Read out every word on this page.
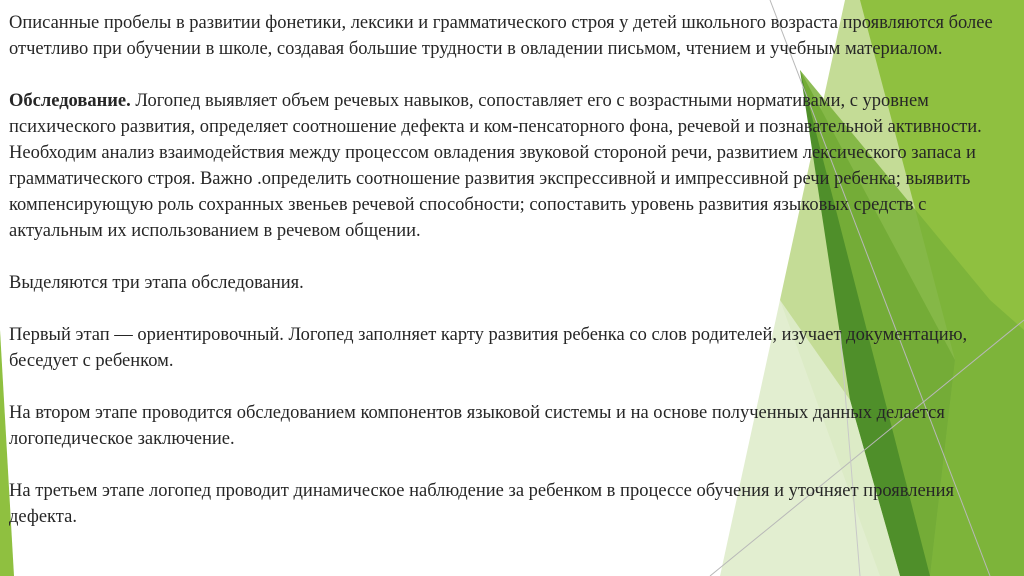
Описанные пробелы в развитии фонетики, лексики и грамматического строя у детей школьного возраста проявляются более отчетливо при обучении в школе, создавая большие трудности в овладении письмом, чтением и учебным материалом.

Обследование. Логопед выявляет объем речевых навыков, сопоставляет его с возрастными нормативами, с уровнем психического развития, определяет соотношение дефекта и ком-пенсаторного фона, речевой и познавательной активности.

Необходим анализ взаимодействия между процессом овладения звуковой стороной речи, развитием лексического запаса и грамматического строя. Важно .определить соотношение развития экспрессивной и импрессивной речи ребенка; выявить компенсирующую роль сохранных звеньев речевой способности; сопоставить уровень развития языковых средств с актуальным их использованием в речевом общении.

Выделяются три этапа обследования.

Первый этап — ориентировочный. Логопед заполняет карту развития ребенка со слов родителей, изучает документацию, беседует с ребенком.

На втором этапе проводится обследованием компонентов языковой системы и на основе полученных данных делается логопедическое заключение.

На третьем этапе логопед проводит динамическое наблюдение за ребенком в процессе обучения и уточняет проявления дефекта.
